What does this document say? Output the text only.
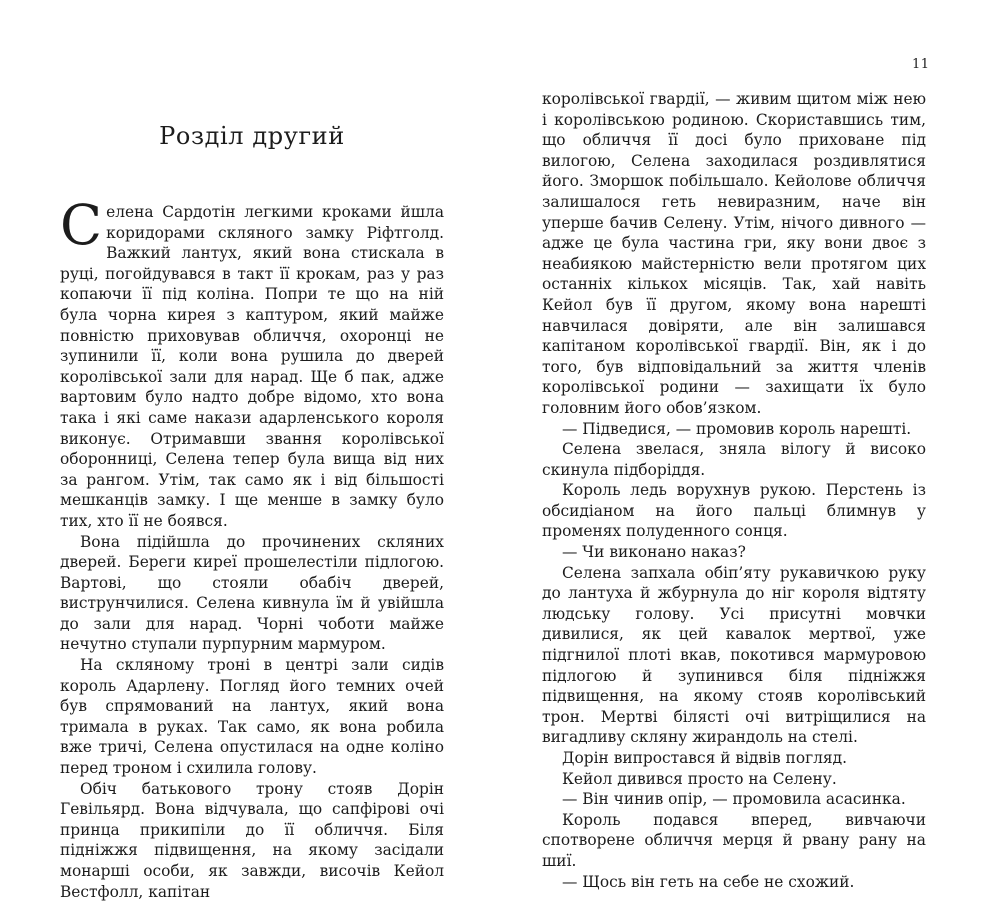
11
Розділ другий

Селена Сардотін легкими кроками йшла коридорами скляного замку Ріфтголд. Важкий лантух, який вона стискала в руці, погойдувався в такт її крокам, раз у раз копаючи її під коліна. Попри те що на ній була чорна кирея з каптуром, який майже повністю приховував обличчя, охоронці не зупинили її, коли вона рушила до дверей королівської зали для нарад. Ще б пак, адже вартовим було надто добре відомо, хто вона така і які саме накази адарленського короля виконує. Отримавши звання королівської оборонниці, Селена тепер була вища від них за рангом. Утім, так само як і від більшості мешканців замку. І ще менше в замку було тих, хто її не боявся.

Вона підійшла до прочинених скляних дверей. Береги киреї прошелестіли підлогою. Вартові, що стояли обабіч дверей, виструнчилися. Селена кивнула їм й увійшла до зали для нарад. Чорні чоботи майже нечутно ступали пурпурним мармуром.

На скляному троні в центрі зали сидів король Адарлену. Погляд його темних очей був спрямований на лантух, який вона тримала в руках. Так само, як вона робила вже тричі, Селена опустилася на одне коліно перед троном і схилила голову.

Обіч батькового трону стояв Дорін Гевільярд. Вона відчувала, що сапфірові очі принца прикипіли до її обличчя. Біля підніжжя підвищення, на якому засідали монарші особи, як завжди, височів Кейол Вестфолл, капітан

королівської гвардії, — живим щитом між нею і королівською родиною. Скориставшись тим, що обличчя її досі було приховане під вилогою, Селена заходилася роздивлятися його. Зморшок побільшало. Кейолове обличчя залишалося геть невиразним, наче він уперше бачив Селену. Утім, нічого дивного — адже це була частина гри, яку вони двоє з неабиякою майстерністю вели протягом цих останніх кількох місяців. Так, хай навіть Кейол був її другом, якому вона нарешті навчилася довіряти, але він залишався капітаном королівської гвардії. Він, як і до того, був відповідальний за життя членів королівської родини — захищати їх було головним його обов’язком.

— Підведися, — промовив король нарешті.

Селена звелася, зняла вілогу й високо скинула підборіддя.

Король ледь ворухнув рукою. Перстень із обсидіаном на його пальці блимнув у променях полуденного сонця.

— Чи виконано наказ?

Селена запхала обіп’яту рукавичкою руку до лантуха й жбурнула до ніг короля відтяту людську голову. Усі присутні мовчки дивилися, як цей кавалок мертвої, уже підгнилої плоті вкав, покотився мармуровою підлогою й зупинився біля підніжжя підвищення, на якому стояв королівський трон. Мертві білясті очі витріщилися на вигадливу скляну жирандоль на стелі.

Дорін випростався й відвів погляд.

Кейол дивився просто на Селену.

— Він чинив опір, — промовила асасинка.

Король подався вперед, вивчаючи спотворене обличчя мерця й рвану рану на шиї.

— Щось він геть на себе не схожий.
